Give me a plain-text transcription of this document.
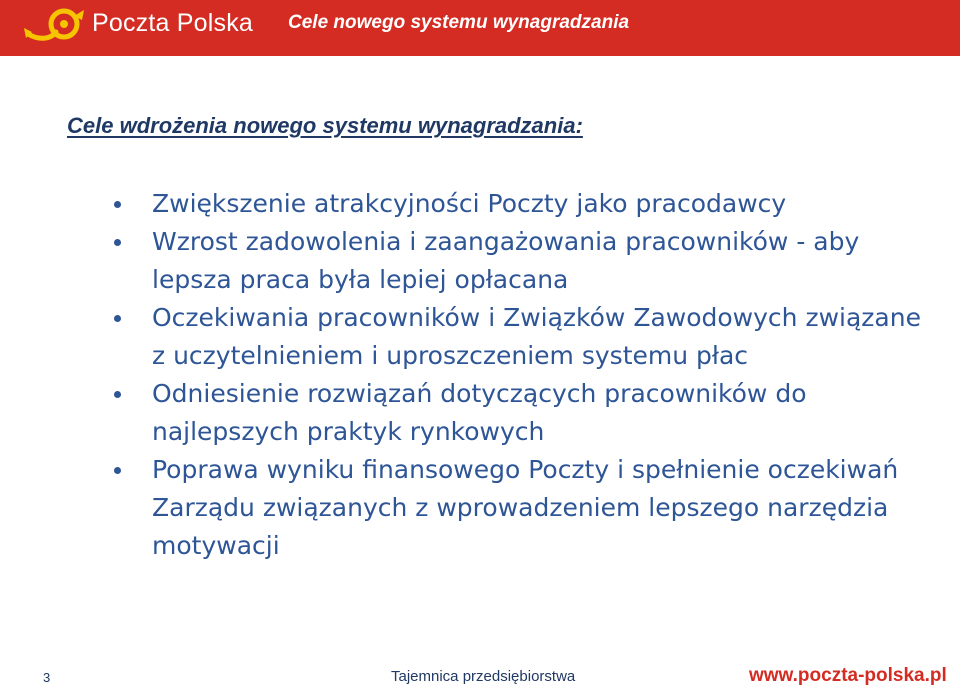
Poczta Polska Cele nowego systemu wynagradzania
Cele wdrożenia nowego systemu wynagradzania:
Zwiększenie atrakcyjności Poczty jako pracodawcy
Wzrost zadowolenia i zaangażowania pracowników - aby lepsza praca była lepiej opłacana
Oczekiwania pracowników i Związków Zawodowych związane z uczytelnieniem i uproszczeniem systemu płac
Odniesienie rozwiązań dotyczących pracowników do najlepszych praktyk rynkowych
Poprawa wyniku finansowego Poczty i spełnienie oczekiwań Zarządu związanych z wprowadzeniem lepszego narzędzia motywacji
3	Tajemnica przedsiębiorstwa	www.poczta-polska.pl
